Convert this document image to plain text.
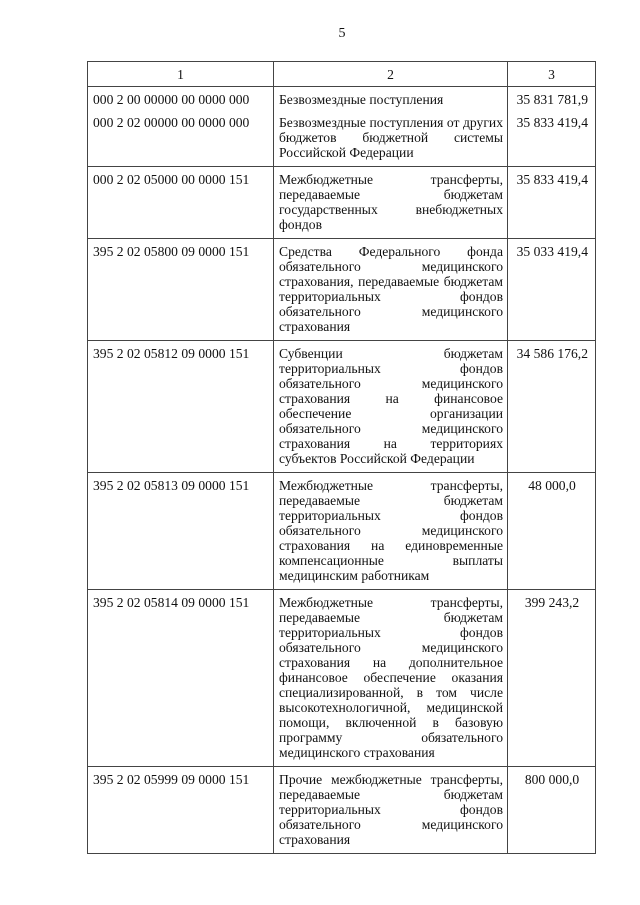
5
1	2	3
000 2 00 00000 00 0000 000	Безвозмездные поступления	35 831 781,9
000 2 02 00000 00 0000 000	Безвозмездные поступления от других бюджетов бюджетной системы Российской Федерации	35 833 419,4
000 2 02 05000 00 0000 151	Межбюджетные трансферты, передаваемые бюджетам государственных внебюджетных фондов	35 833 419,4
395 2 02 05800 09 0000 151	Средства Федерального фонда обязательного медицинского страхования, передаваемые бюджетам территориальных фондов обязательного медицинского страхования	35 033 419,4
395 2 02 05812 09 0000 151	Субвенции бюджетам территориальных фондов обязательного медицинского страхования на финансовое обеспечение организации обязательного медицинского страхования на территориях субъектов Российской Федерации	34 586 176,2
395 2 02 05813 09 0000 151	Межбюджетные трансферты, передаваемые бюджетам территориальных фондов обязательного медицинского страхования на единовременные компенсационные выплаты медицинским работникам	48 000,0
395 2 02 05814 09 0000 151	Межбюджетные трансферты, передаваемые бюджетам территориальных фондов обязательного медицинского страхования на дополнительное финансовое обеспечение оказания специализированной, в том числе высокотехнологичной, медицинской помощи, включенной в базовую программу обязательного медицинского страхования	399 243,2
395 2 02 05999 09 0000 151	Прочие межбюджетные трансферты, передаваемые бюджетам территориальных фондов обязательного медицинского страхования	800 000,0
